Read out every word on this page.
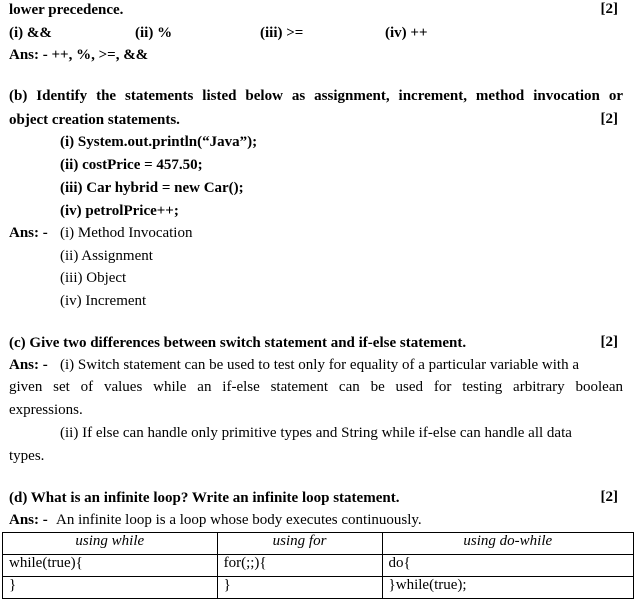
lower precedence.	[2]
(i) &&	(ii) %	(iii) >=	(iv) ++
Ans: - ++, %, >=, &&
(b) Identify the statements listed below as assignment, increment, method invocation or
object creation statements.	[2]
(i) System.out.println(“Java”);
(ii) costPrice = 457.50;
(iii) Car hybrid = new Car();
(iv) petrolPrice++;
Ans: - (i) Method Invocation
(ii) Assignment
(iii) Object
(iv) Increment
(c) Give two differences between switch statement and if-else statement.	[2]
Ans: - (i) Switch statement can be used to test only for equality of a particular variable with a
given set of values while an if-else statement can be used for testing arbitrary boolean
expressions.
(ii) If else can handle only primitive types and String while if-else can handle all data
types.
(d) What is an infinite loop? Write an infinite loop statement.	[2]
Ans: - An infinite loop is a loop whose body executes continuously.
using while	using for	using do-while
while(true){	for(;;){	do{
}	}	}while(true);
